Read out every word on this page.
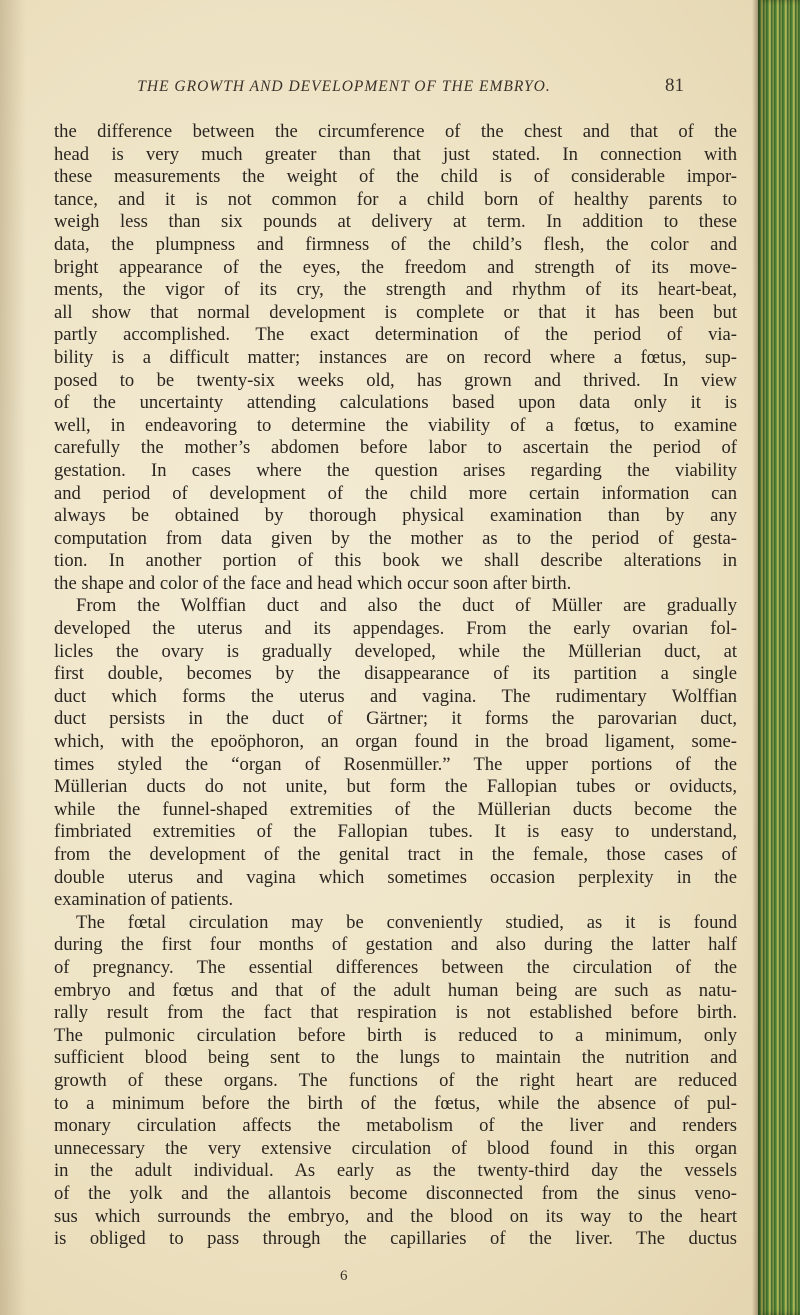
THE GROWTH AND DEVELOPMENT OF THE EMBRYO.	81
the difference between the circumference of the chest and that of the
head is very much greater than that just stated. In connection with
these measurements the weight of the child is of considerable impor-
tance, and it is not common for a child born of healthy parents to
weigh less than six pounds at delivery at term. In addition to these
data, the plumpness and firmness of the child’s flesh, the color and
bright appearance of the eyes, the freedom and strength of its move-
ments, the vigor of its cry, the strength and rhythm of its heart-beat,
all show that normal development is complete or that it has been but
partly accomplished. The exact determination of the period of via-
bility is a difficult matter; instances are on record where a fœtus, sup-
posed to be twenty-six weeks old, has grown and thrived. In view
of the uncertainty attending calculations based upon data only it is
well, in endeavoring to determine the viability of a fœtus, to examine
carefully the mother’s abdomen before labor to ascertain the period of
gestation. In cases where the question arises regarding the viability
and period of development of the child more certain information can
always be obtained by thorough physical examination than by any
computation from data given by the mother as to the period of gesta-
tion. In another portion of this book we shall describe alterations in
the shape and color of the face and head which occur soon after birth.
From the Wolffian duct and also the duct of Müller are gradually
developed the uterus and its appendages. From the early ovarian fol-
licles the ovary is gradually developed, while the Müllerian duct, at
first double, becomes by the disappearance of its partition a single
duct which forms the uterus and vagina. The rudimentary Wolffian
duct persists in the duct of Gärtner; it forms the parovarian duct,
which, with the epoöphoron, an organ found in the broad ligament, some-
times styled the “organ of Rosenmüller.” The upper portions of the
Müllerian ducts do not unite, but form the Fallopian tubes or oviducts,
while the funnel-shaped extremities of the Müllerian ducts become the
fimbriated extremities of the Fallopian tubes. It is easy to understand,
from the development of the genital tract in the female, those cases of
double uterus and vagina which sometimes occasion perplexity in the
examination of patients.
The fœtal circulation may be conveniently studied, as it is found
during the first four months of gestation and also during the latter half
of pregnancy. The essential differences between the circulation of the
embryo and fœtus and that of the adult human being are such as natu-
rally result from the fact that respiration is not established before birth.
The pulmonic circulation before birth is reduced to a minimum, only
sufficient blood being sent to the lungs to maintain the nutrition and
growth of these organs. The functions of the right heart are reduced
to a minimum before the birth of the fœtus, while the absence of pul-
monary circulation affects the metabolism of the liver and renders
unnecessary the very extensive circulation of blood found in this organ
in the adult individual. As early as the twenty-third day the vessels
of the yolk and the allantois become disconnected from the sinus veno-
sus which surrounds the embryo, and the blood on its way to the heart
is obliged to pass through the capillaries of the liver. The ductus
6
